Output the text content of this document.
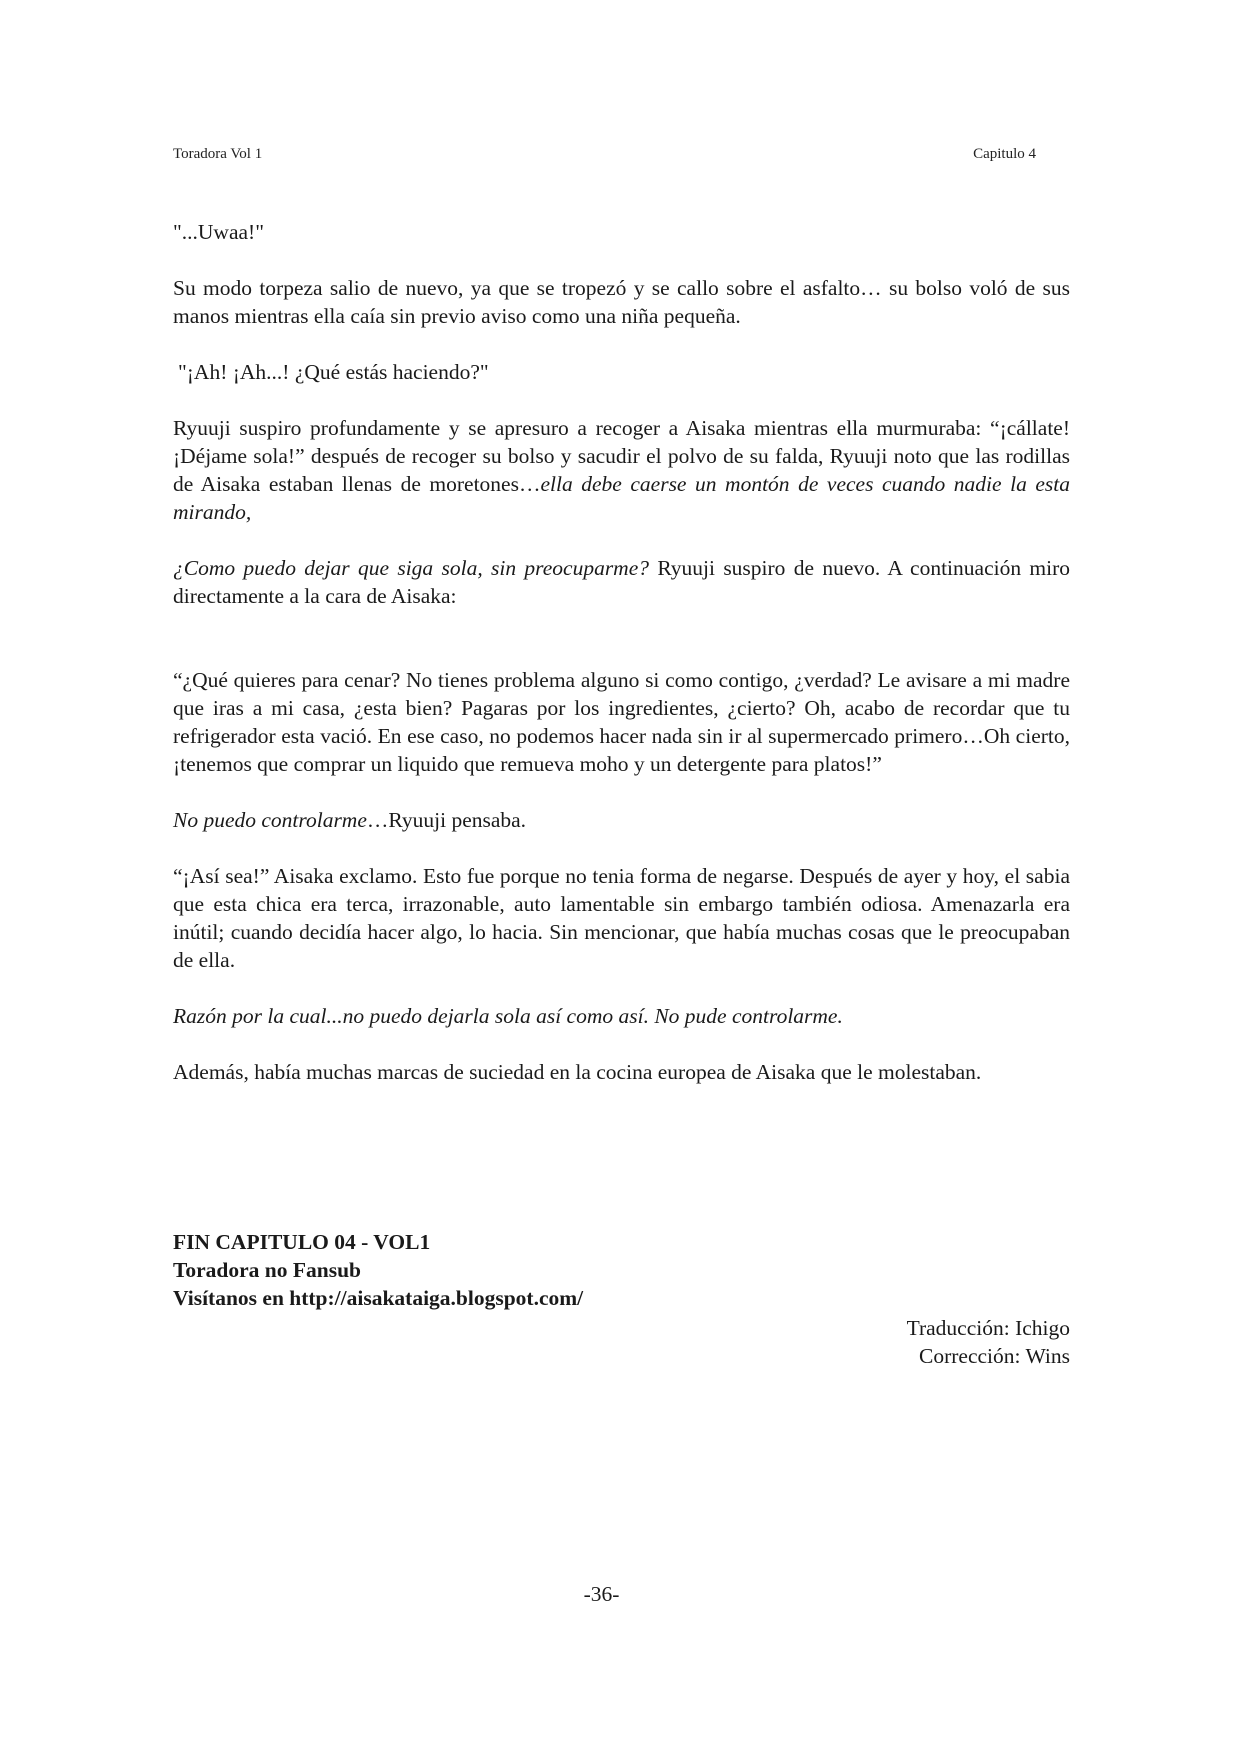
Toradora Vol 1	Capitulo 4

"...Uwaa!"

Su modo torpeza salio de nuevo, ya que se tropezó y se callo sobre el asfalto… su bolso voló de sus manos mientras ella caía sin previo aviso como una niña pequeña.

"¡Ah! ¡Ah...! ¿Qué estás haciendo?"

Ryuuji suspiro profundamente y se apresuro a recoger a Aisaka mientras ella murmuraba: “¡cállate! ¡Déjame sola!” después de recoger su bolso y sacudir el polvo de su falda, Ryuuji noto que las rodillas de Aisaka estaban llenas de moretones…ella debe caerse un montón de veces cuando nadie la esta mirando,

¿Como puedo dejar que siga sola, sin preocuparme? Ryuuji suspiro de nuevo. A continuación miro directamente a la cara de Aisaka:

“¿Qué quieres para cenar? No tienes problema alguno si como contigo, ¿verdad? Le avisare a mi madre que iras a mi casa, ¿esta bien? Pagaras por los ingredientes, ¿cierto? Oh, acabo de recordar que tu refrigerador esta vació. En ese caso, no podemos hacer nada sin ir al supermercado primero…Oh cierto, ¡tenemos que comprar un liquido que remueva moho y un detergente para platos!”

No puedo controlarme…Ryuuji pensaba.

“¡Así sea!” Aisaka exclamo. Esto fue porque no tenia forma de negarse. Después de ayer y hoy, el sabia que esta chica era terca, irrazonable, auto lamentable sin embargo también odiosa. Amenazarla era inútil; cuando decidía hacer algo, lo hacia. Sin mencionar, que había muchas cosas que le preocupaban de ella.

Razón por la cual...no puedo dejarla sola así como así. No pude controlarme.

Además, había muchas marcas de suciedad en la cocina europea de Aisaka que le molestaban.

FIN CAPITULO 04 - VOL1
Toradora no Fansub
Visítanos en http://aisakataiga.blogspot.com/
Traducción: Ichigo
Corrección: Wins
-36-
